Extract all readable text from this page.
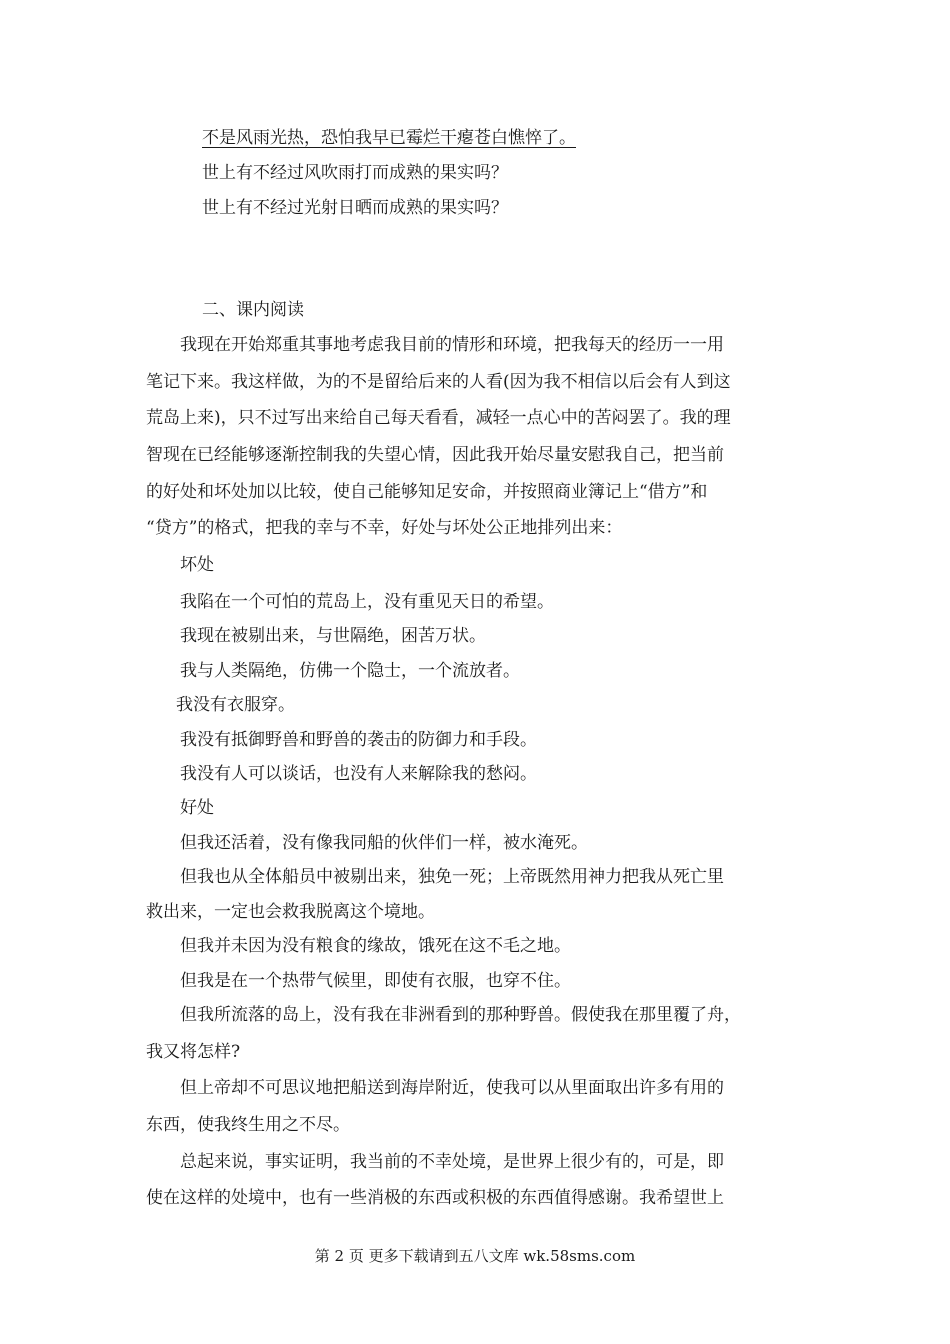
不是风雨光热，恐怕我早已霉烂干瘪苍白憔悴了。
世上有不经过风吹雨打而成熟的果实吗？
世上有不经过光射日晒而成熟的果实吗？
二、课内阅读
我现在开始郑重其事地考虑我目前的情形和环境，把我每天的经历一一用
笔记下来。我这样做，为的不是留给后来的人看(因为我不相信以后会有人到这
荒岛上来)，只不过写出来给自己每天看看，减轻一点心中的苦闷罢了。我的理
智现在已经能够逐渐控制我的失望心情，因此我开始尽量安慰我自己，把当前
的好处和坏处加以比较，使自己能够知足安命，并按照商业簿记上“借方”和
“贷方”的格式，把我的幸与不幸，好处与坏处公正地排列出来：
坏处
我陷在一个可怕的荒岛上，没有重见天日的希望。
我现在被剔出来，与世隔绝，困苦万状。
我与人类隔绝，仿佛一个隐士，一个流放者。
我没有衣服穿。
我没有抵御野兽和野兽的袭击的防御力和手段。
我没有人可以谈话，也没有人来解除我的愁闷。
好处
但我还活着，没有像我同船的伙伴们一样，被水淹死。
但我也从全体船员中被剔出来，独免一死；上帝既然用神力把我从死亡里
救出来，一定也会救我脱离这个境地。
但我并未因为没有粮食的缘故，饿死在这不毛之地。
但我是在一个热带气候里，即使有衣服，也穿不住。
但我所流落的岛上，没有我在非洲看到的那种野兽。假使我在那里覆了舟，
我又将怎样?
但上帝却不可思议地把船送到海岸附近，使我可以从里面取出许多有用的
东西，使我终生用之不尽。
总起来说，事实证明，我当前的不幸处境，是世界上很少有的，可是，即
使在这样的处境中，也有一些消极的东西或积极的东西值得感谢。我希望世上
第 2 页 更多下载请到五八文库 wk.58sms.com
